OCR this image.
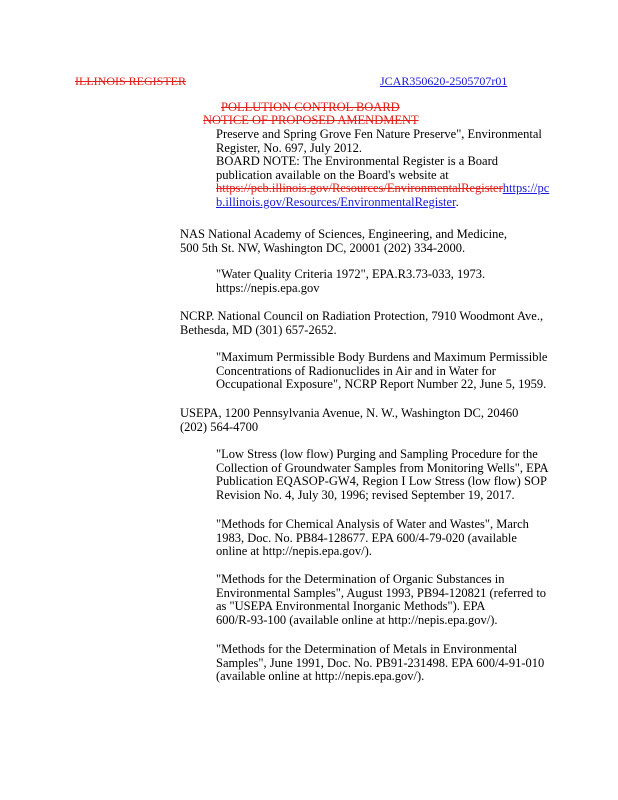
ILLINOIS REGISTER	JCAR350620-2505707r01
POLLUTION CONTROL BOARD
NOTICE OF PROPOSED AMENDMENT
Preserve and Spring Grove Fen Nature Preserve", Environmental
Register, No. 697, July 2012.
BOARD NOTE: The Environmental Register is a Board
publication available on the Board's website at
https://pcb.illinois.gov/Resources/EnvironmentalRegisterhttps://pc
b.illinois.gov/Resources/EnvironmentalRegister.
NAS National Academy of Sciences, Engineering, and Medicine,
500 5th St. NW, Washington DC, 20001 (202) 334-2000.
"Water Quality Criteria 1972", EPA.R3.73-033, 1973.
https://nepis.epa.gov
NCRP. National Council on Radiation Protection, 7910 Woodmont Ave.,
Bethesda, MD (301) 657-2652.
"Maximum Permissible Body Burdens and Maximum Permissible
Concentrations of Radionuclides in Air and in Water for
Occupational Exposure", NCRP Report Number 22, June 5, 1959.
USEPA, 1200 Pennsylvania Avenue, N. W., Washington DC, 20460
(202) 564-4700
"Low Stress (low flow) Purging and Sampling Procedure for the
Collection of Groundwater Samples from Monitoring Wells", EPA
Publication EQASOP-GW4, Region I Low Stress (low flow) SOP
Revision No. 4, July 30, 1996; revised September 19, 2017.
"Methods for Chemical Analysis of Water and Wastes", March
1983, Doc. No. PB84-128677. EPA 600/4-79-020 (available
online at http://nepis.epa.gov/).
"Methods for the Determination of Organic Substances in
Environmental Samples", August 1993, PB94-120821 (referred to
as "USEPA Environmental Inorganic Methods"). EPA
600/R-93-100 (available online at http://nepis.epa.gov/).
"Methods for the Determination of Metals in Environmental
Samples", June 1991, Doc. No. PB91-231498. EPA 600/4-91-010
(available online at http://nepis.epa.gov/).
